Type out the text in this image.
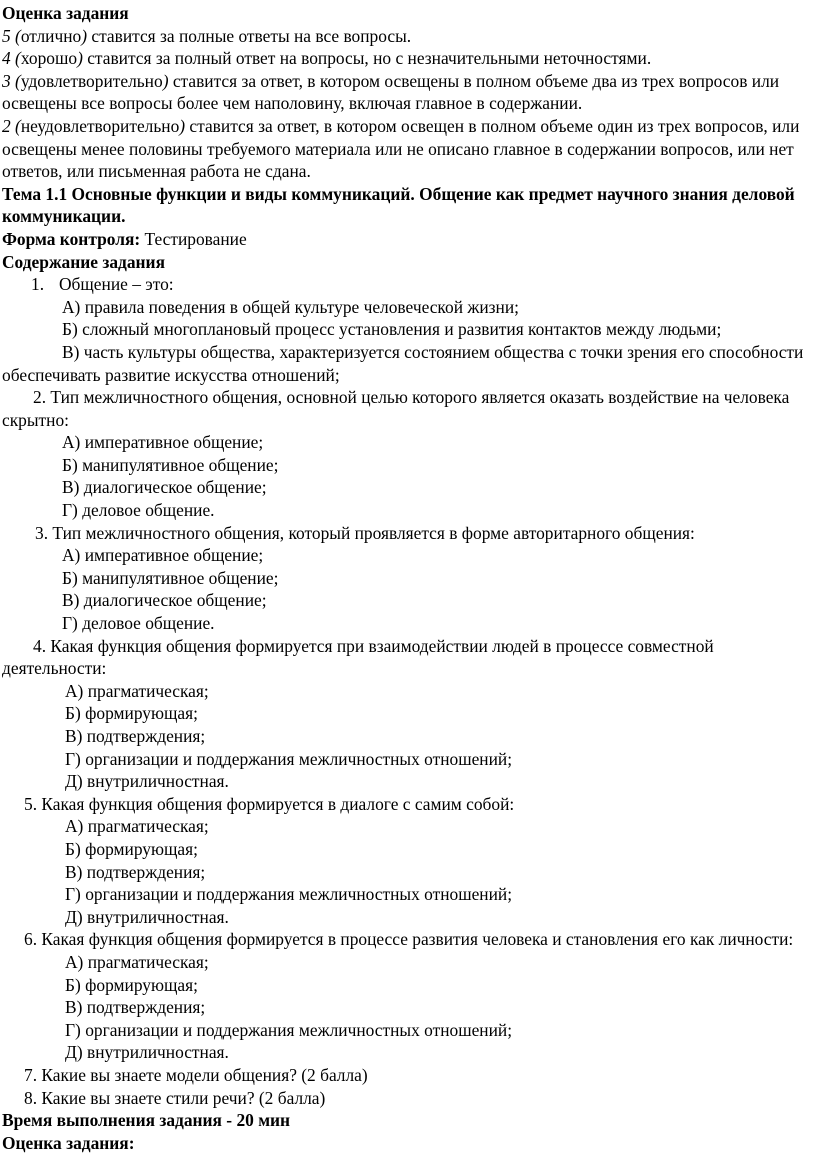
Оценка задания

5 (отлично) ставится за полные ответы на все вопросы.

4 (хорошо) ставится за полный ответ на вопросы, но с незначительными неточностями.

3 (удовлетворительно) ставится за ответ, в котором освещены в полном объеме два из трех вопросов или освещены все вопросы более чем наполовину, включая главное в содержании.

2 (неудовлетворительно) ставится за ответ, в котором освещен в полном объеме один из трех вопросов, или освещены менее половины требуемого материала или не описано главное в содержании вопросов, или нет ответов, или письменная работа не сдана.

Тема 1.1 Основные функции и виды коммуникаций. Общение как предмет научного знания деловой коммуникации.

Форма контроля: Тестирование

Содержание задания

1. Общение – это:

А) правила поведения в общей культуре человеческой жизни;

Б) сложный многоплановый процесс установления и развития контактов между людьми;

В) часть культуры общества, характеризуется состоянием общества с точки зрения его способности обеспечивать развитие искусства отношений;

2. Тип межличностного общения, основной целью которого является оказать воздействие на человека скрытно:

А) императивное общение;

Б) манипулятивное общение;

В) диалогическое общение;

Г) деловое общение.

3. Тип межличностного общения, который проявляется в форме авторитарного общения:

А) императивное общение;

Б) манипулятивное общение;

В) диалогическое общение;

Г) деловое общение.

4. Какая функция общения формируется при взаимодействии людей в процессе совместной деятельности:

А) прагматическая;

Б) формирующая;

В) подтверждения;

Г) организации и поддержания межличностных отношений;

Д) внутриличностная.

5. Какая функция общения формируется в диалоге с самим собой:

А) прагматическая;

Б) формирующая;

В) подтверждения;

Г) организации и поддержания межличностных отношений;

Д) внутриличностная.

6. Какая функция общения формируется в процессе развития человека и становления его как личности:

А) прагматическая;

Б) формирующая;

В) подтверждения;

Г) организации и поддержания межличностных отношений;

Д) внутриличностная.

7. Какие вы знаете модели общения? (2 балла)

8. Какие вы знаете стили речи? (2 балла)

Время выполнения задания - 20 мин

Оценка задания:
